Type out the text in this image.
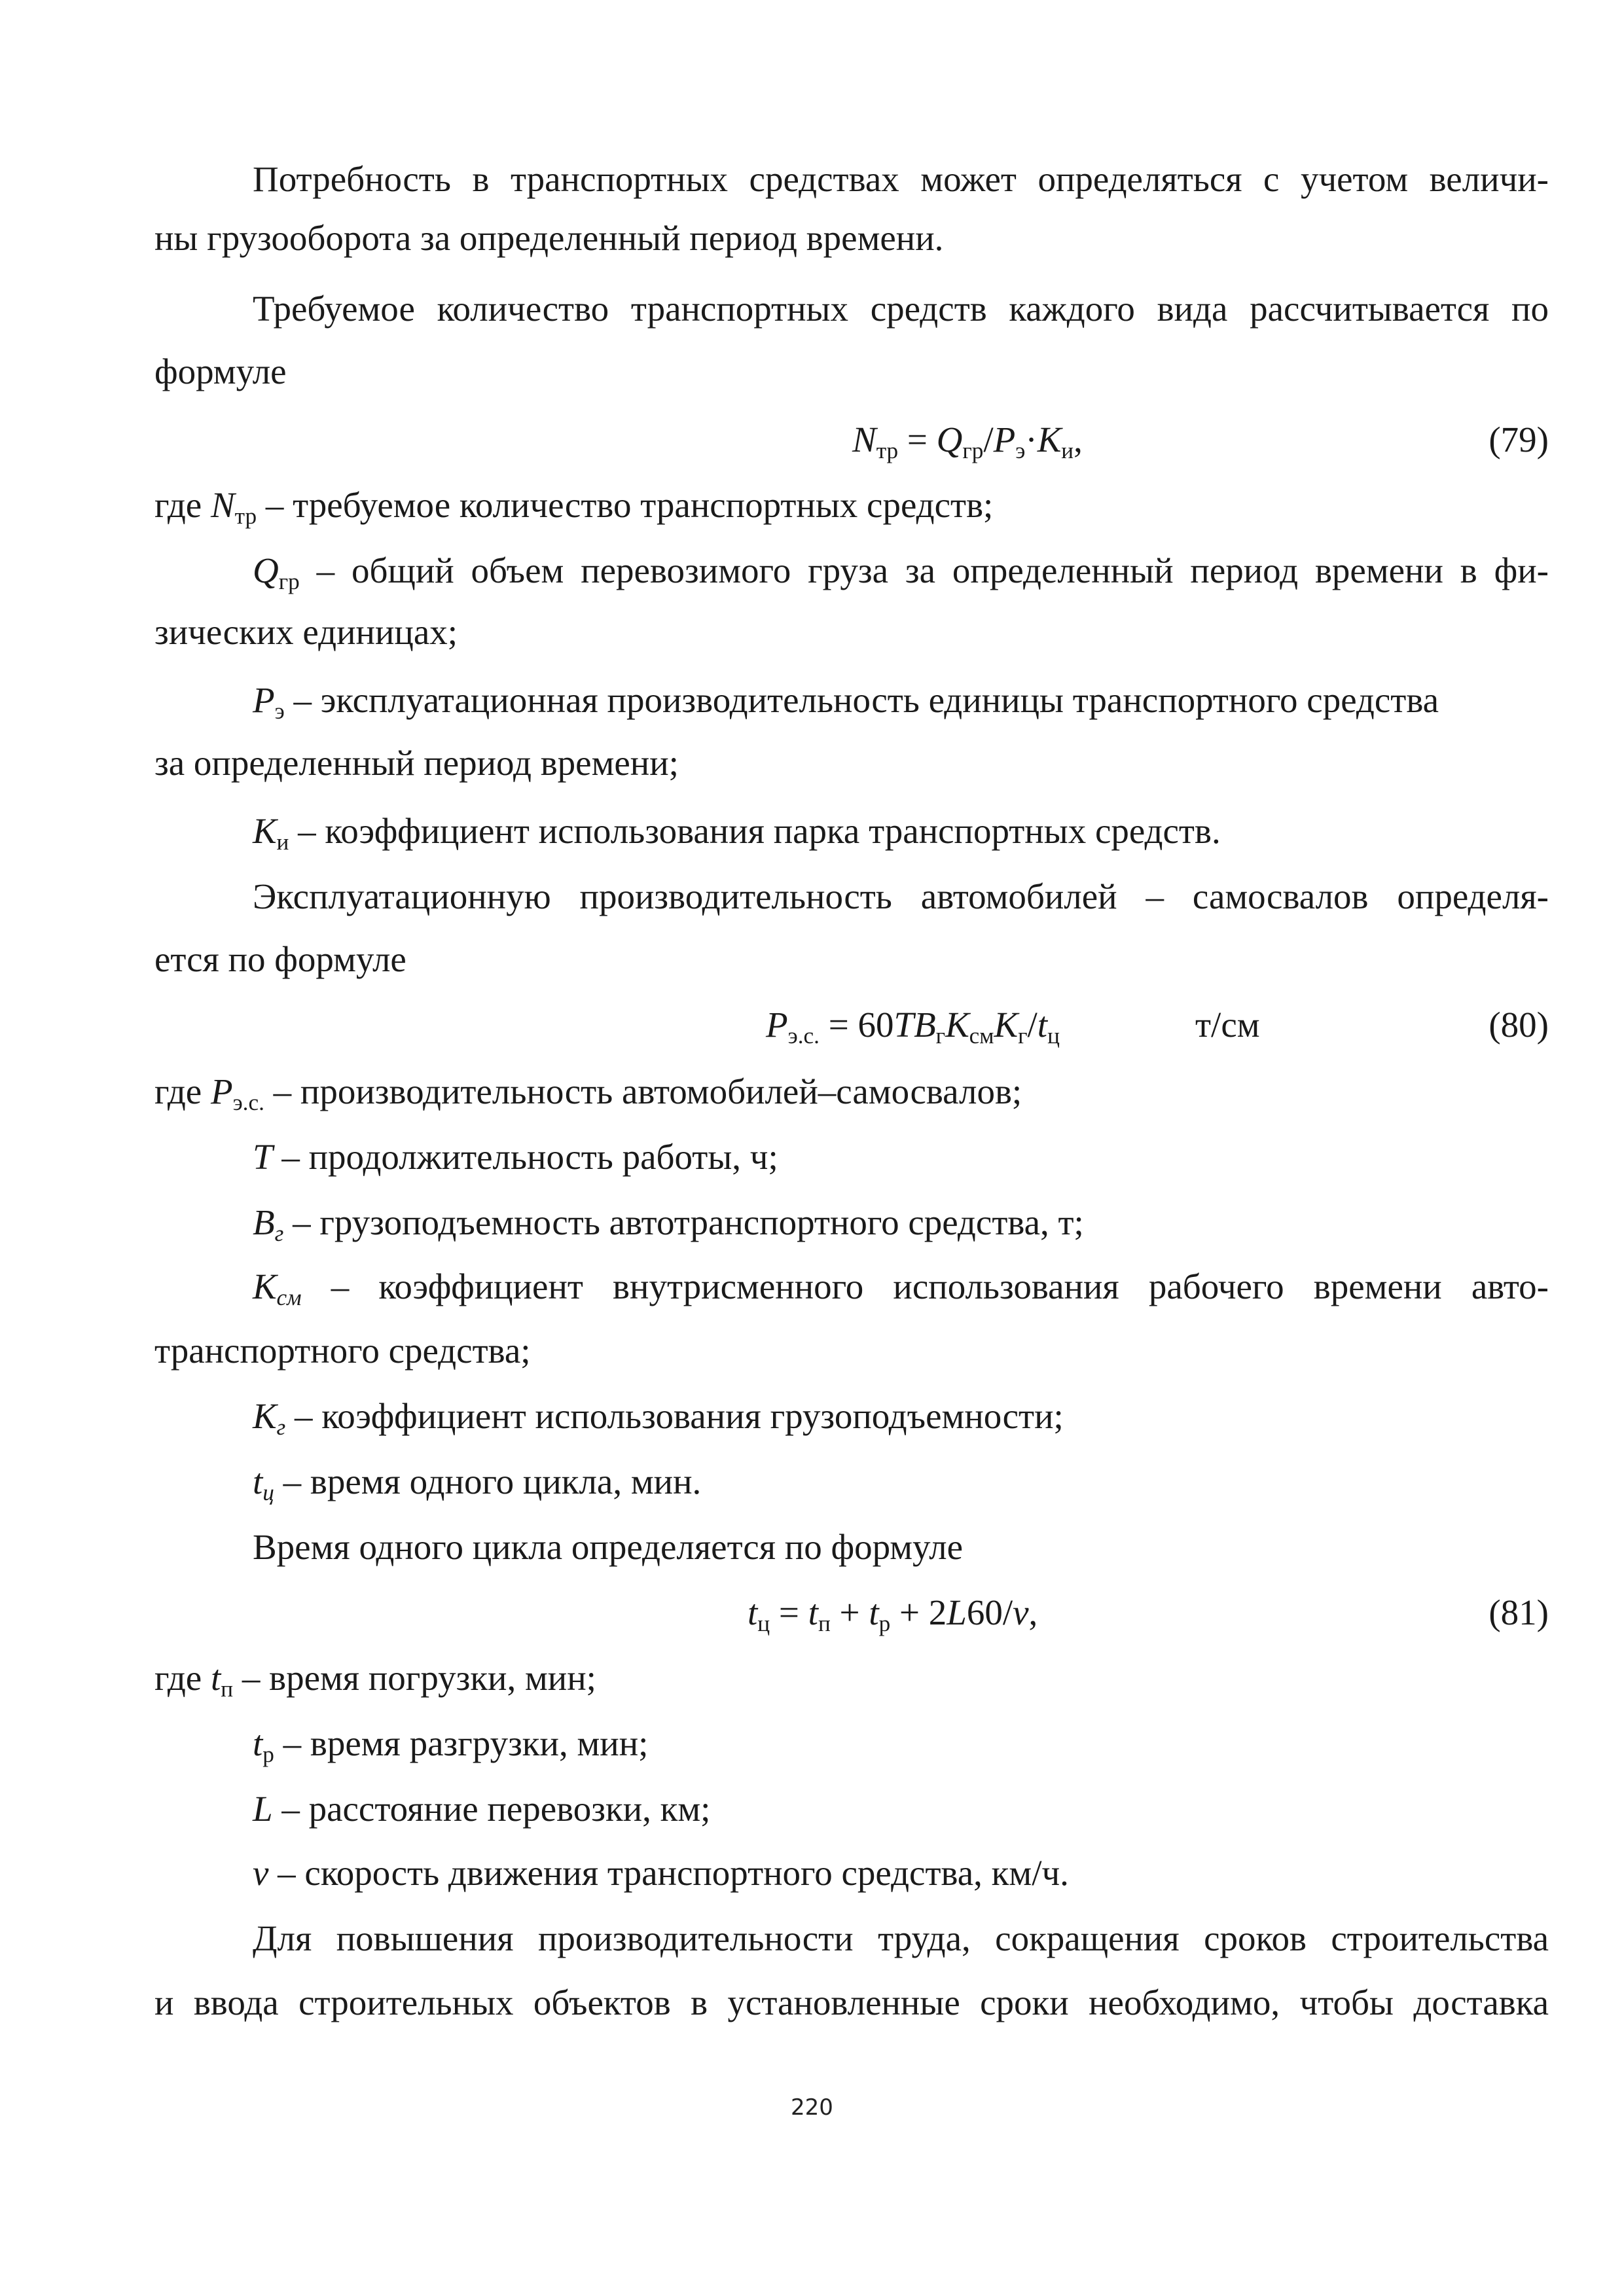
Потребность в транспортных средствах может определяться с учетом величи-
ны грузооборота за определенный период времени.
Требуемое количество транспортных средств каждого вида рассчитывается по
формуле
$N_{тр} = Q_{гр}/P_э\cdot К_и$,	(79)
где $N_{тр}$ – требуемое количество транспортных средств;
$Q_{гр}$ – общий объем перевозимого груза за определенный период времени в фи-
зических единицах;
$P_э$ – эксплуатационная производительность единицы транспортного средства
за определенный период времени;
$К_и$ – коэффициент использования парка транспортных средств.
Эксплуатационную производительность автомобилей – самосвалов определя-
ется по формуле
$P_{э.с.} = 60TB_гК_{см}К_г/t_ц$	т/см	(80)
где $P_{э.с.}$ – производительность автомобилей–самосвалов;
T – продолжительность работы, ч;
$B_г$ – грузоподъемность автотранспортного средства, т;
$К_{см}$ – коэффициент внутрисменного использования рабочего времени авто-
транспортного средства;
$К_г$ – коэффициент использования грузоподъемности;
$t_ц$ – время одного цикла, мин.
Время одного цикла определяется по формуле
$t_ц = t_п + t_р + 2L60/v$,	(81)
где $t_п$ – время погрузки, мин;
$t_р$ – время разгрузки, мин;
L – расстояние перевозки, км;
v – скорость движения транспортного средства, км/ч.
Для повышения производительности труда, сокращения сроков строительства
и ввода строительных объектов в установленные сроки необходимо, чтобы доставка
220
